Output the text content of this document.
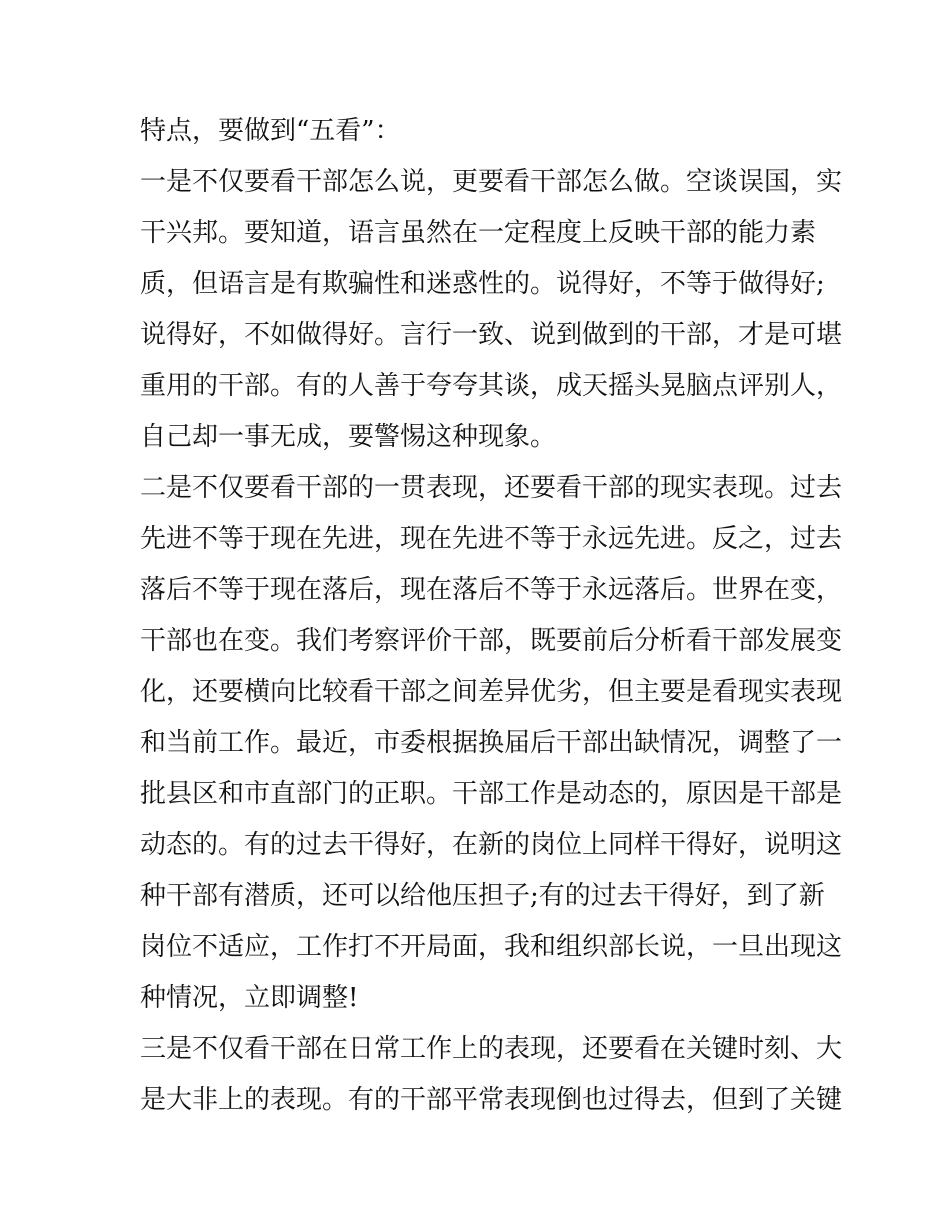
特点，要做到“五看”：
一是不仅要看干部怎么说，更要看干部怎么做。空谈误国，实
干兴邦。要知道，语言虽然在一定程度上反映干部的能力素
质，但语言是有欺骗性和迷惑性的。说得好，不等于做得好;
说得好，不如做得好。言行一致、说到做到的干部，才是可堪
重用的干部。有的人善于夸夸其谈，成天摇头晃脑点评别人，
自己却一事无成，要警惕这种现象。
二是不仅要看干部的一贯表现，还要看干部的现实表现。过去
先进不等于现在先进，现在先进不等于永远先进。反之，过去
落后不等于现在落后，现在落后不等于永远落后。世界在变，
干部也在变。我们考察评价干部，既要前后分析看干部发展变
化，还要横向比较看干部之间差异优劣，但主要是看现实表现
和当前工作。最近，市委根据换届后干部出缺情况，调整了一
批县区和市直部门的正职。干部工作是动态的，原因是干部是
动态的。有的过去干得好，在新的岗位上同样干得好，说明这
种干部有潜质，还可以给他压担子;有的过去干得好，到了新
岗位不适应，工作打不开局面，我和组织部长说，一旦出现这
种情况，立即调整!
三是不仅看干部在日常工作上的表现，还要看在关键时刻、大
是大非上的表现。有的干部平常表现倒也过得去，但到了关键
